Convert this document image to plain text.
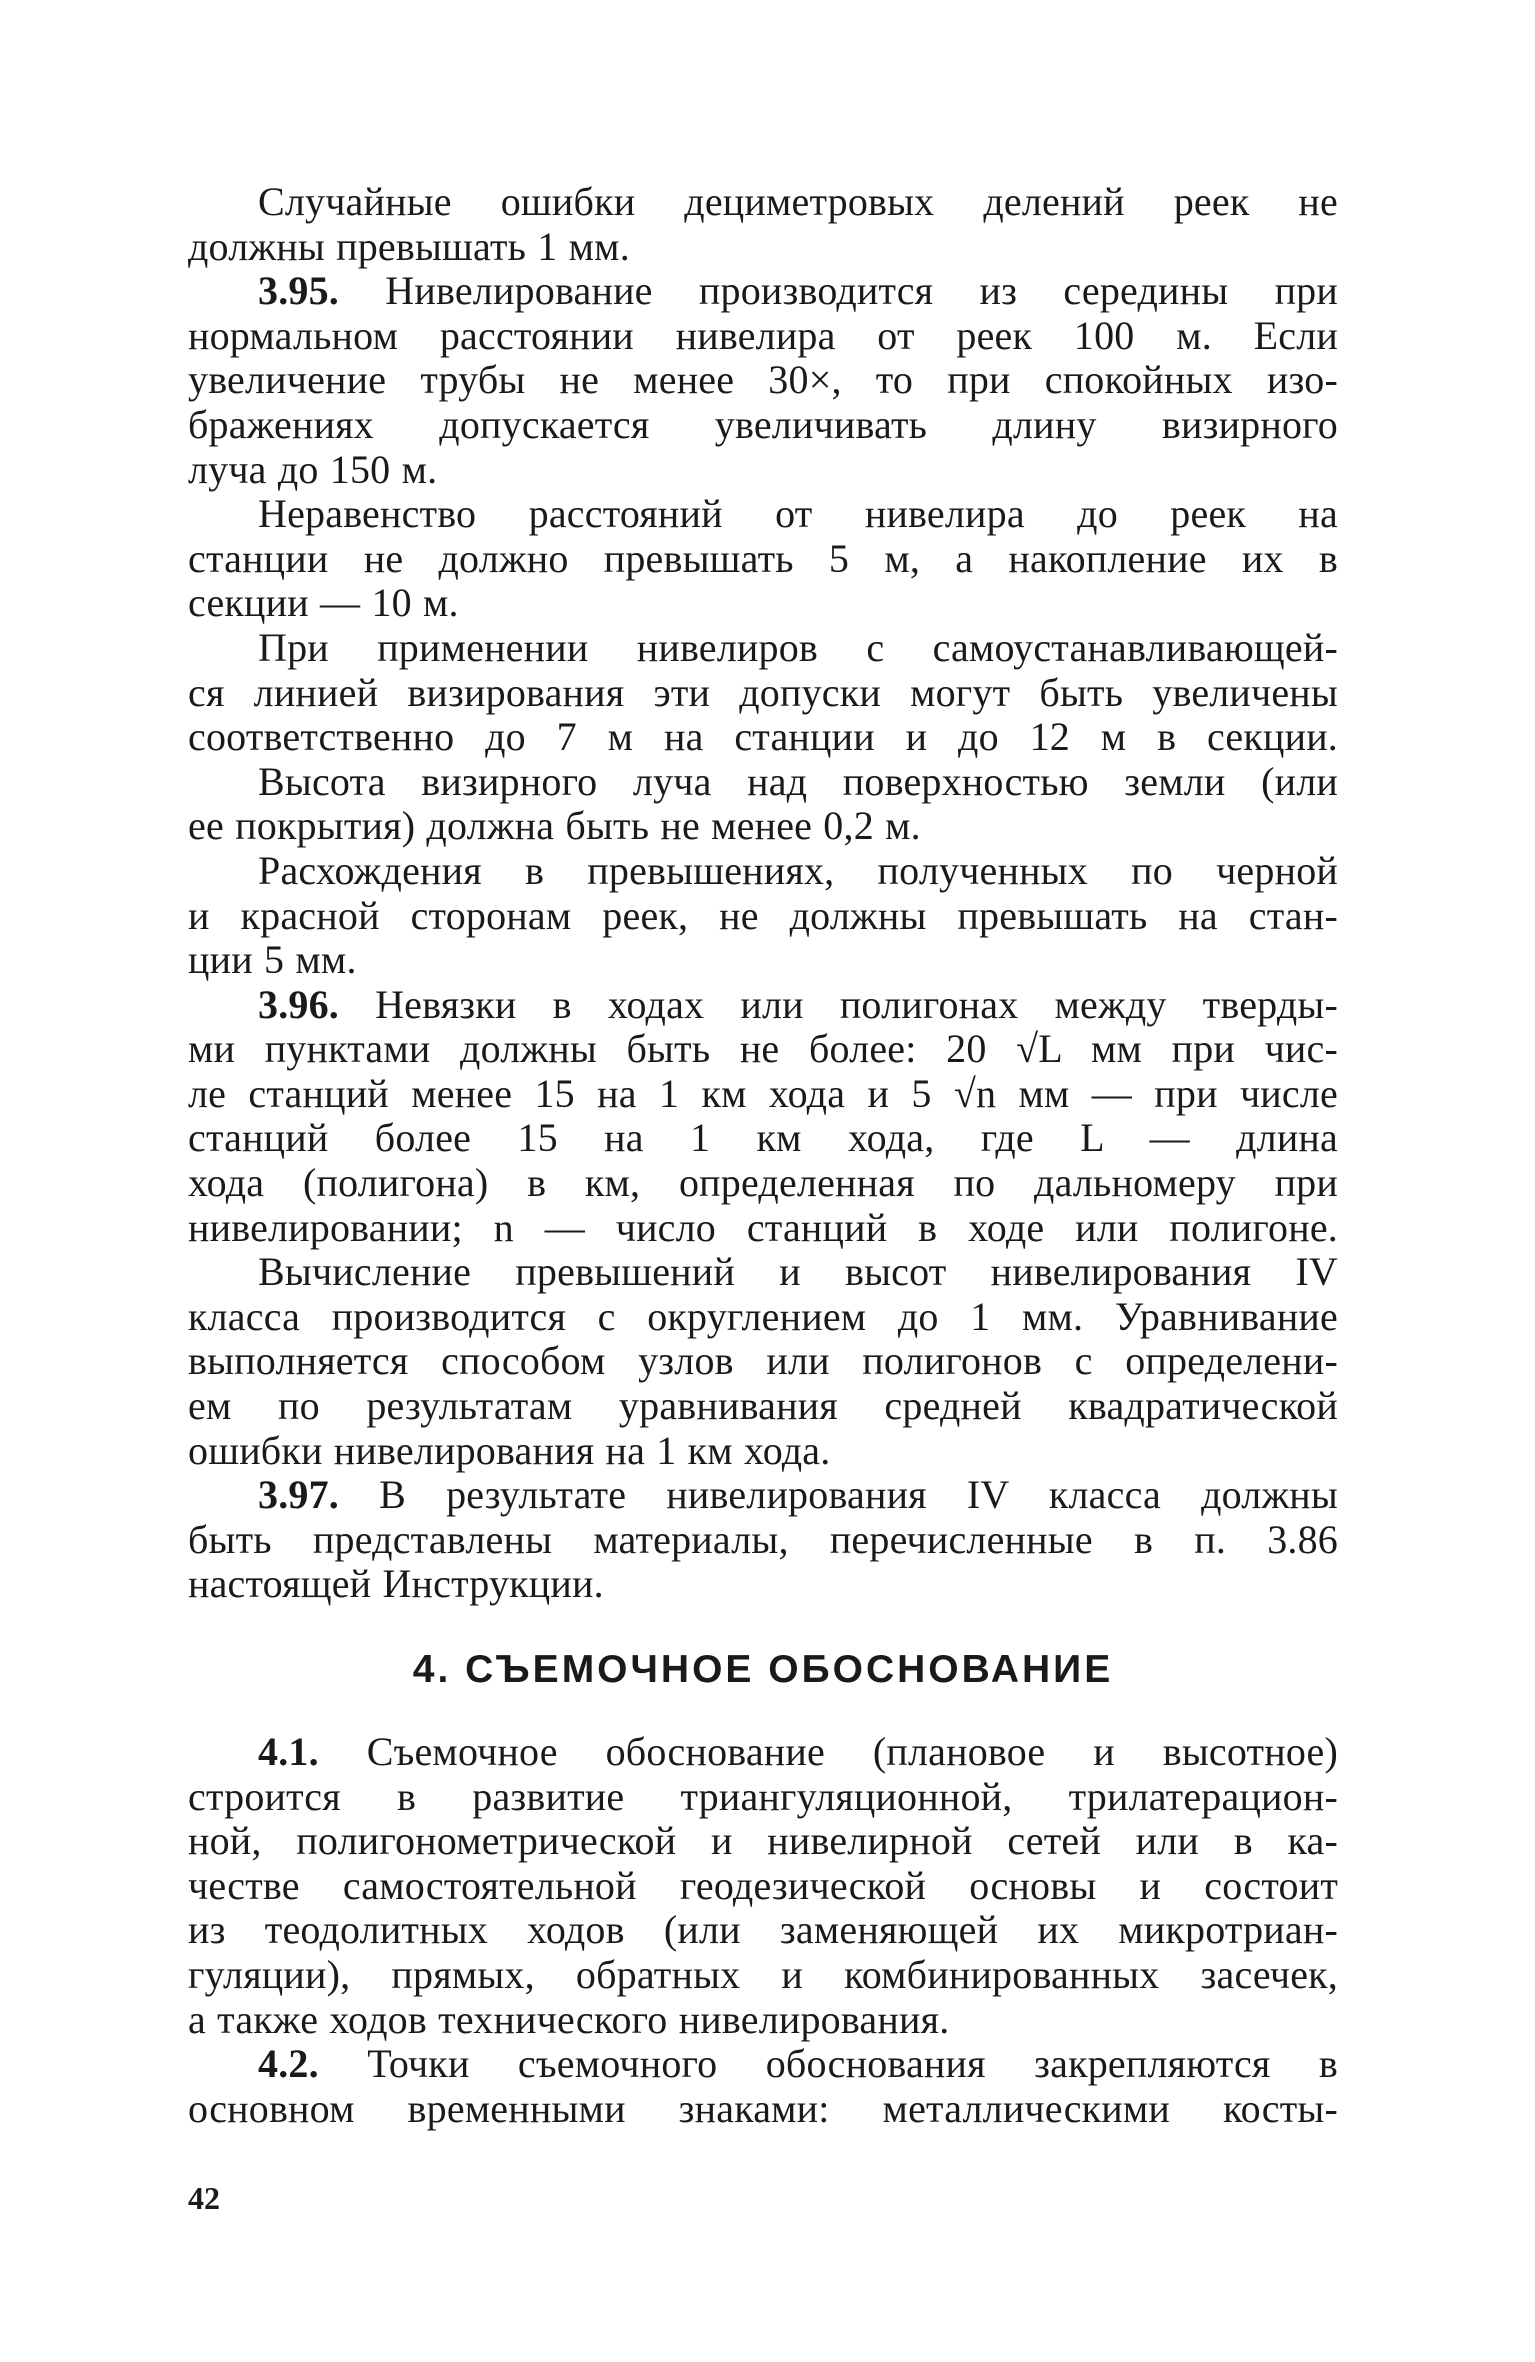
Случайные ошибки дециметровых делений реек не
должны превышать 1 мм.
3.95. Нивелирование производится из середины при
нормальном расстоянии нивелира от реек 100 м. Если
увеличение трубы не менее 30×, то при спокойных изо-
бражениях допускается увеличивать длину визирного
луча до 150 м.
Неравенство расстояний от нивелира до реек на
станции не должно превышать 5 м, а накопление их в
секции — 10 м.
При применении нивелиров с самоустанавливающей-
ся линией визирования эти допуски могут быть увеличены
соответственно до 7 м на станции и до 12 м в секции.
Высота визирного луча над поверхностью земли (или
ее покрытия) должна быть не менее 0,2 м.
Расхождения в превышениях, полученных по черной
и красной сторонам реек, не должны превышать на стан-
ции 5 мм.
3.96. Невязки в ходах или полигонах между тверды-
ми пунктами должны быть не более: 20 √L мм при чис-
ле станций менее 15 на 1 км хода и 5 √n мм — при числе
станций более 15 на 1 км хода, где L — длина
хода (полигона) в км, определенная по дальномеру при
нивелировании; n — число станций в ходе или полигоне.
Вычисление превышений и высот нивелирования IV
класса производится с округлением до 1 мм. Уравнивание
выполняется способом узлов или полигонов с определени-
ем по результатам уравнивания средней квадратической
ошибки нивелирования на 1 км хода.
3.97. В результате нивелирования IV класса должны
быть представлены материалы, перечисленные в п. 3.86
настоящей Инструкции.
4. СЪЕМОЧНОЕ ОБОСНОВАНИЕ
4.1. Съемочное обоснование (плановое и высотное)
строится в развитие триангуляционной, трилатерацион-
ной, полигонометрической и нивелирной сетей или в ка-
честве самостоятельной геодезической основы и состоит
из теодолитных ходов (или заменяющей их микротриан-
гуляции), прямых, обратных и комбинированных засечек,
а также ходов технического нивелирования.
4.2. Точки съемочного обоснования закрепляются в
основном временными знаками: металлическими косты-
42
